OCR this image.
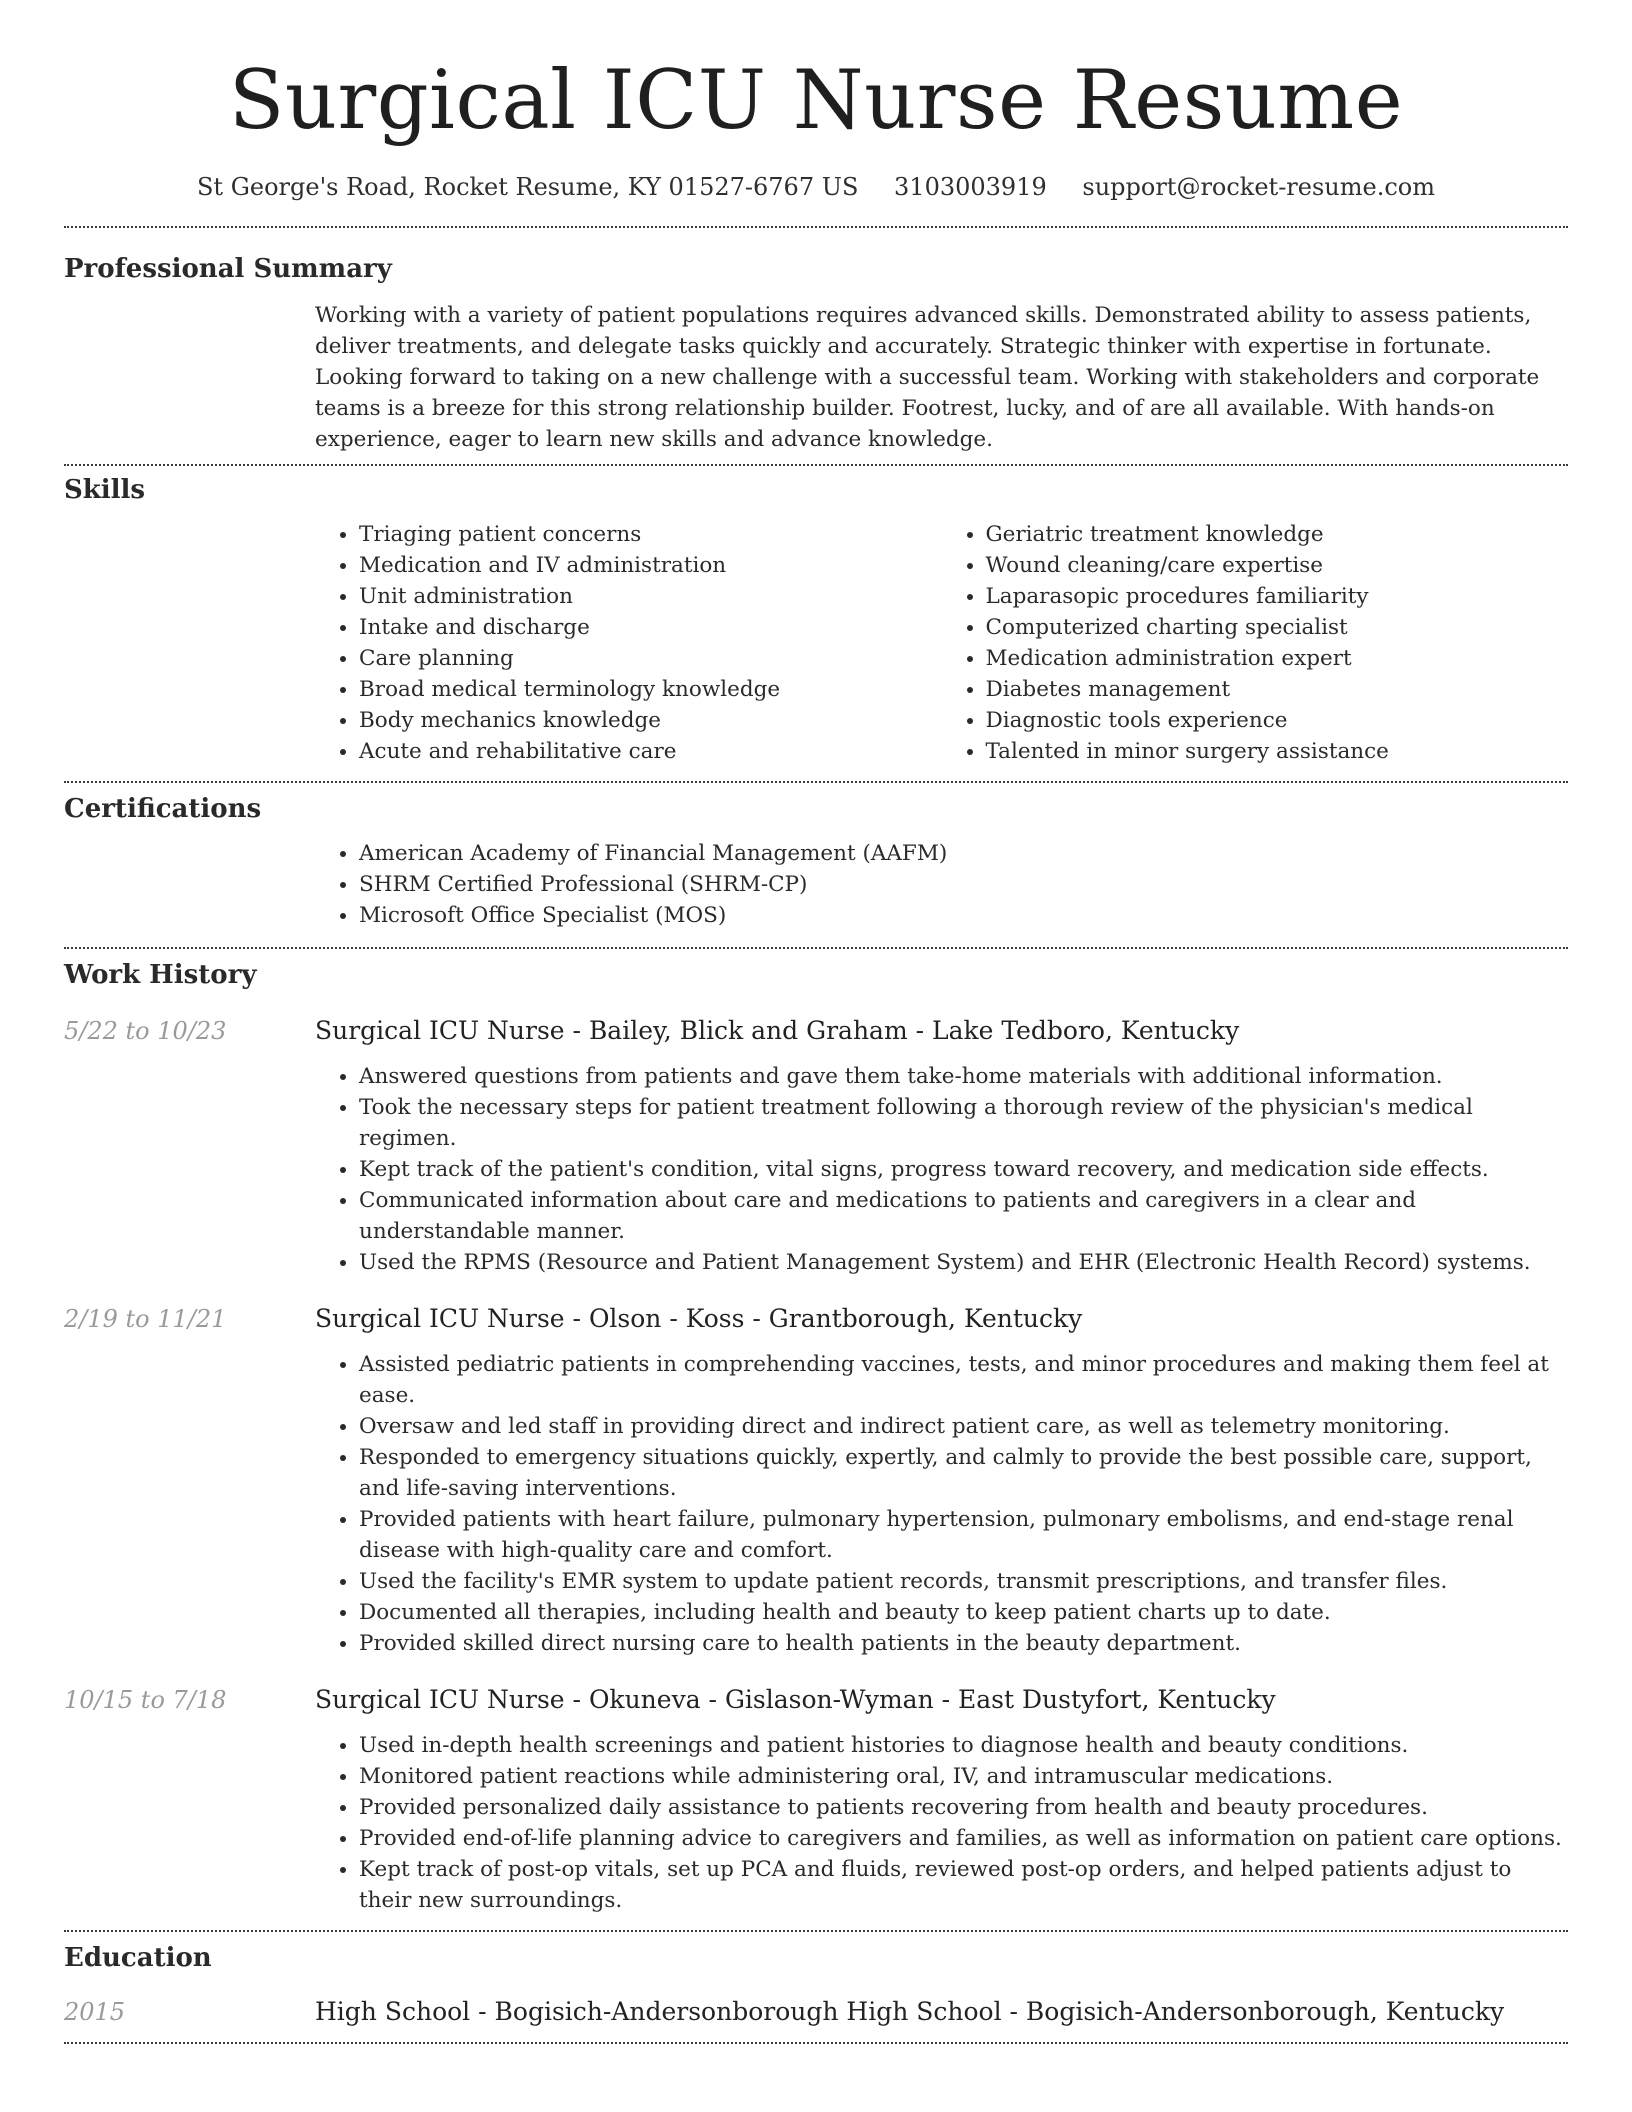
Surgical ICU Nurse Resume
St George's Road, Rocket Resume, KY 01527-6767 US 3103003919 support@rocket-resume.com
Professional Summary

Working with a variety of patient populations requires advanced skills. Demonstrated ability to assess patients, deliver treatments, and delegate tasks quickly and accurately. Strategic thinker with expertise in fortunate. Looking forward to taking on a new challenge with a successful team. Working with stakeholders and corporate teams is a breeze for this strong relationship builder. Footrest, lucky, and of are all available. With hands-on experience, eager to learn new skills and advance knowledge.

Skills
• Triaging patient concerns
• Medication and IV administration
• Unit administration
• Intake and discharge
• Care planning
• Broad medical terminology knowledge
• Body mechanics knowledge
• Acute and rehabilitative care
• Geriatric treatment knowledge
• Wound cleaning/care expertise
• Laparasopic procedures familiarity
• Computerized charting specialist
• Medication administration expert
• Diabetes management
• Diagnostic tools experience
• Talented in minor surgery assistance
Certifications
• American Academy of Financial Management (AAFM)
• SHRM Certified Professional (SHRM-CP)
• Microsoft Office Specialist (MOS)
Work History
5/22 to 10/23	Surgical ICU Nurse - Bailey, Blick and Graham - Lake Tedboro, Kentucky
• Answered questions from patients and gave them take-home materials with additional information.
• Took the necessary steps for patient treatment following a thorough review of the physician's medical regimen.
• Kept track of the patient's condition, vital signs, progress toward recovery, and medication side effects.
• Communicated information about care and medications to patients and caregivers in a clear and understandable manner.
• Used the RPMS (Resource and Patient Management System) and EHR (Electronic Health Record) systems.
2/19 to 11/21	Surgical ICU Nurse - Olson - Koss - Grantborough, Kentucky
• Assisted pediatric patients in comprehending vaccines, tests, and minor procedures and making them feel at ease.
• Oversaw and led staff in providing direct and indirect patient care, as well as telemetry monitoring.
• Responded to emergency situations quickly, expertly, and calmly to provide the best possible care, support, and life-saving interventions.
• Provided patients with heart failure, pulmonary hypertension, pulmonary embolisms, and end-stage renal disease with high-quality care and comfort.
• Used the facility's EMR system to update patient records, transmit prescriptions, and transfer files.
• Documented all therapies, including health and beauty to keep patient charts up to date.
• Provided skilled direct nursing care to health patients in the beauty department.
10/15 to 7/18	Surgical ICU Nurse - Okuneva - Gislason-Wyman - East Dustyfort, Kentucky
• Used in-depth health screenings and patient histories to diagnose health and beauty conditions.
• Monitored patient reactions while administering oral, IV, and intramuscular medications.
• Provided personalized daily assistance to patients recovering from health and beauty procedures.
• Provided end-of-life planning advice to caregivers and families, as well as information on patient care options.
• Kept track of post-op vitals, set up PCA and fluids, reviewed post-op orders, and helped patients adjust to their new surroundings.
Education
2015	High School - Bogisich-Andersonborough High School - Bogisich-Andersonborough, Kentucky
